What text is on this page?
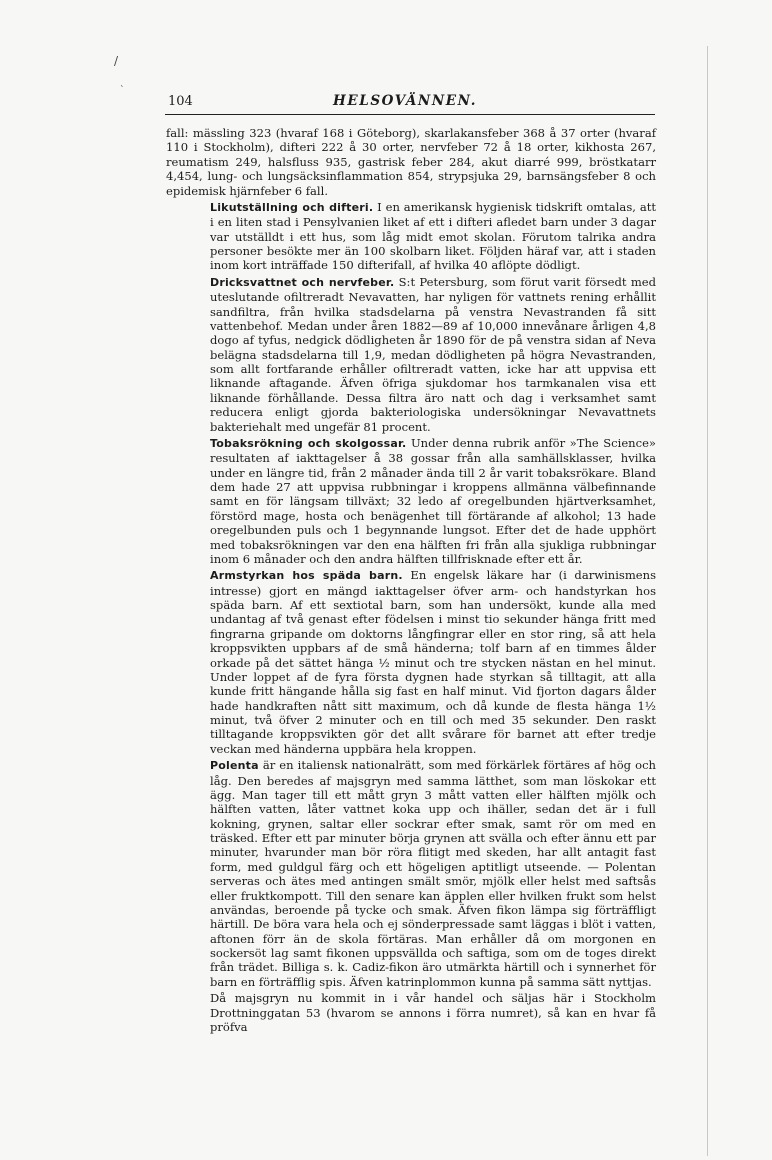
/
`
104	HELSOVÄNNEN.

fall: mässling 323 (hvaraf 168 i Göteborg), skarlakansfeber 368 å 37 orter (hvaraf 110 i Stockholm), difteri 222 å 30 orter, nervfeber 72 å 18 orter, kikhosta 267, reumatism 249, halsfluss 935, gastrisk feber 284, akut diarré 999, bröstkatarr 4,454, lung- och lungsäcksinflammation 854, strypsjuka 29, barnsängsfeber 8 och epidemisk hjärnfeber 6 fall.

Likutställning och difteri. I en amerikansk hygienisk tidskrift omtalas, att i en liten stad i Pensylvanien liket af ett i difteri afledet barn under 3 dagar var utställdt i ett hus, som låg midt emot skolan. Förutom talrika andra personer besökte mer än 100 skolbarn liket. Följden häraf var, att i staden inom kort inträffade 150 difterifall, af hvilka 40 aflöpte dödligt.

Dricksvattnet och nervfeber. S:t Petersburg, som förut varit försedt med uteslutande ofiltreradt Nevavatten, har nyligen för vattnets rening erhållit sandfiltra, från hvilka stadsdelarna på venstra Nevastranden få sitt vattenbehof. Medan under åren 1882—89 af 10,000 innevånare årligen 4,8 dogo af tyfus, nedgick dödligheten år 1890 för de på venstra sidan af Neva belägna stadsdelarna till 1,9, medan dödligheten på högra Nevastranden, som allt fortfarande erhåller ofiltreradt vatten, icke har att uppvisa ett liknande aftagande. Äfven öfriga sjukdomar hos tarmkanalen visa ett liknande förhållande. Dessa filtra äro natt och dag i verksamhet samt reducera enligt gjorda bakteriologiska undersökningar Nevavattnets bakteriehalt med ungefär 81 procent.

Tobaksrökning och skolgossar. Under denna rubrik anför »The Science» resultaten af iakttagelser å 38 gossar från alla samhällsklasser, hvilka under en längre tid, från 2 månader ända till 2 år varit tobaksrökare. Bland dem hade 27 att uppvisa rubbningar i kroppens allmänna välbefinnande samt en för längsam tillväxt; 32 ledo af oregelbunden hjärtverksamhet, förstörd mage, hosta och benägenhet till förtärande af alkohol; 13 hade oregelbunden puls och 1 begynnande lungsot. Efter det de hade upphört med tobaksrökningen var den ena hälften fri från alla sjukliga rubbningar inom 6 månader och den andra hälften tillfrisknade efter ett år.

Armstyrkan hos späda barn. En engelsk läkare har (i darwinismens intresse) gjort en mängd iakttagelser öfver arm- och handstyrkan hos späda barn. Af ett sextiotal barn, som han undersökt, kunde alla med undantag af två genast efter födelsen i minst tio sekunder hänga fritt med fingrarna gripande om doktorns långfingrar eller en stor ring, så att hela kroppsvikten uppbars af de små händerna; tolf barn af en timmes ålder orkade på det sättet hänga ½ minut och tre stycken nästan en hel minut. Under loppet af de fyra första dygnen hade styrkan så tilltagit, att alla kunde fritt hängande hålla sig fast en half minut. Vid fjorton dagars ålder hade handkraften nått sitt maximum, och då kunde de flesta hänga 1½ minut, två öfver 2 minuter och en till och med 35 sekunder. Den raskt tilltagande kroppsvikten gör det allt svårare för barnet att efter tredje veckan med händerna uppbära hela kroppen.

Polenta är en italiensk nationalrätt, som med förkärlek förtäres af hög och låg. Den beredes af majsgryn med samma lätthet, som man löskokar ett ägg. Man tager till ett mått gryn 3 mått vatten eller hälften mjölk och hälften vatten, låter vattnet koka upp och ihäller, sedan det är i full kokning, grynen, saltar eller sockrar efter smak, samt rör om med en träsked. Efter ett par minuter börja grynen att svälla och efter ännu ett par minuter, hvarunder man bör röra flitigt med skeden, har allt antagit fast form, med guldgul färg och ett högeligen aptitligt utseende. — Polentan serveras och ätes med antingen smält smör, mjölk eller helst med saftsås eller fruktkompott. Till den senare kan äpplen eller hvilken frukt som helst användas, beroende på tycke och smak. Äfven fikon lämpa sig förträffligt härtill. De böra vara hela och ej sönderpressade samt läggas i blöt i vatten, aftonen förr än de skola förtäras. Man erhåller då om morgonen en sockersöt lag samt fikonen uppsvällda och saftiga, som om de toges direkt från trädet. Billiga s. k. Cadiz-fikon äro utmärkta härtill och i synnerhet för barn en förträfflig spis. Äfven katrinplommon kunna på samma sätt nyttjas.

Då majsgryn nu kommit in i vår handel och säljas här i Stockholm Drottninggatan 53 (hvarom se annons i förra numret), så kan en hvar få pröfva
